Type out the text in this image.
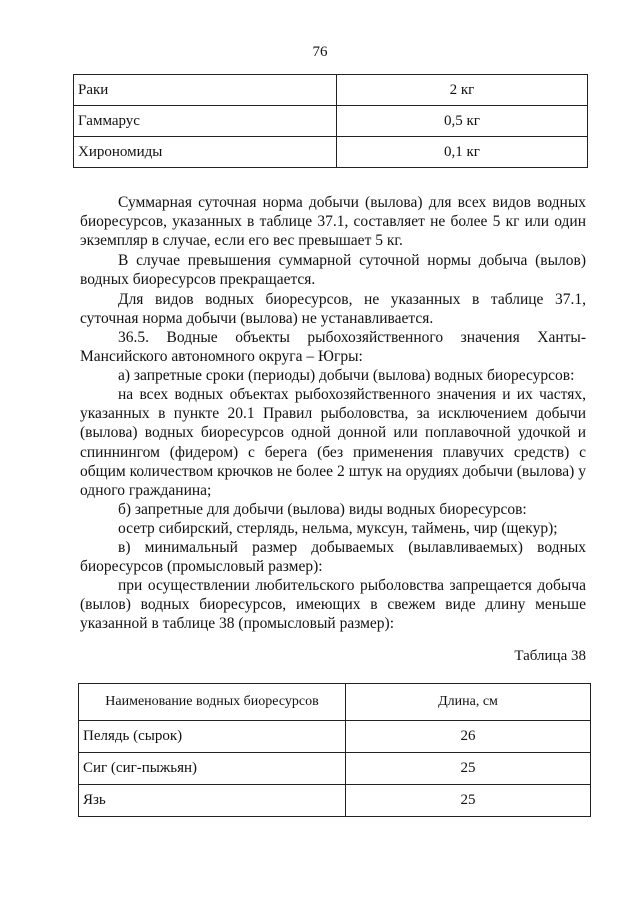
76
Раки	2 кг
Гаммарус	0,5 кг
Хирономиды	0,1 кг

Суммарная суточная норма добычи (вылова) для всех видов водных биоресурсов, указанных в таблице 37.1, составляет не более 5 кг или один экземпляр в случае, если его вес превышает 5 кг.

В случае превышения суммарной суточной нормы добыча (вылов) водных биоресурсов прекращается.

Для видов водных биоресурсов, не указанных в таблице 37.1, суточная норма добычи (вылова) не устанавливается.

36.5. Водные объекты рыбохозяйственного значения Ханты-Мансийского автономного округа – Югры:

а) запретные сроки (периоды) добычи (вылова) водных биоресурсов:

на всех водных объектах рыбохозяйственного значения и их частях, указанных в пункте 20.1 Правил рыболовства, за исключением добычи (вылова) водных биоресурсов одной донной или поплавочной удочкой и спиннингом (фидером) с берега (без применения плавучих средств) с общим количеством крючков не более 2 штук на орудиях добычи (вылова) у одного гражданина;

б) запретные для добычи (вылова) виды водных биоресурсов:

осетр сибирский, стерлядь, нельма, муксун, таймень, чир (щекур);

в) минимальный размер добываемых (вылавливаемых) водных биоресурсов (промысловый размер):

при осуществлении любительского рыболовства запрещается добыча (вылов) водных биоресурсов, имеющих в свежем виде длину меньше указанной в таблице 38 (промысловый размер):

Таблица 38
Наименование водных биоресурсов	Длина, см
Пелядь (сырок)	26
Сиг (сиг-пыжьян)	25
Язь	25
